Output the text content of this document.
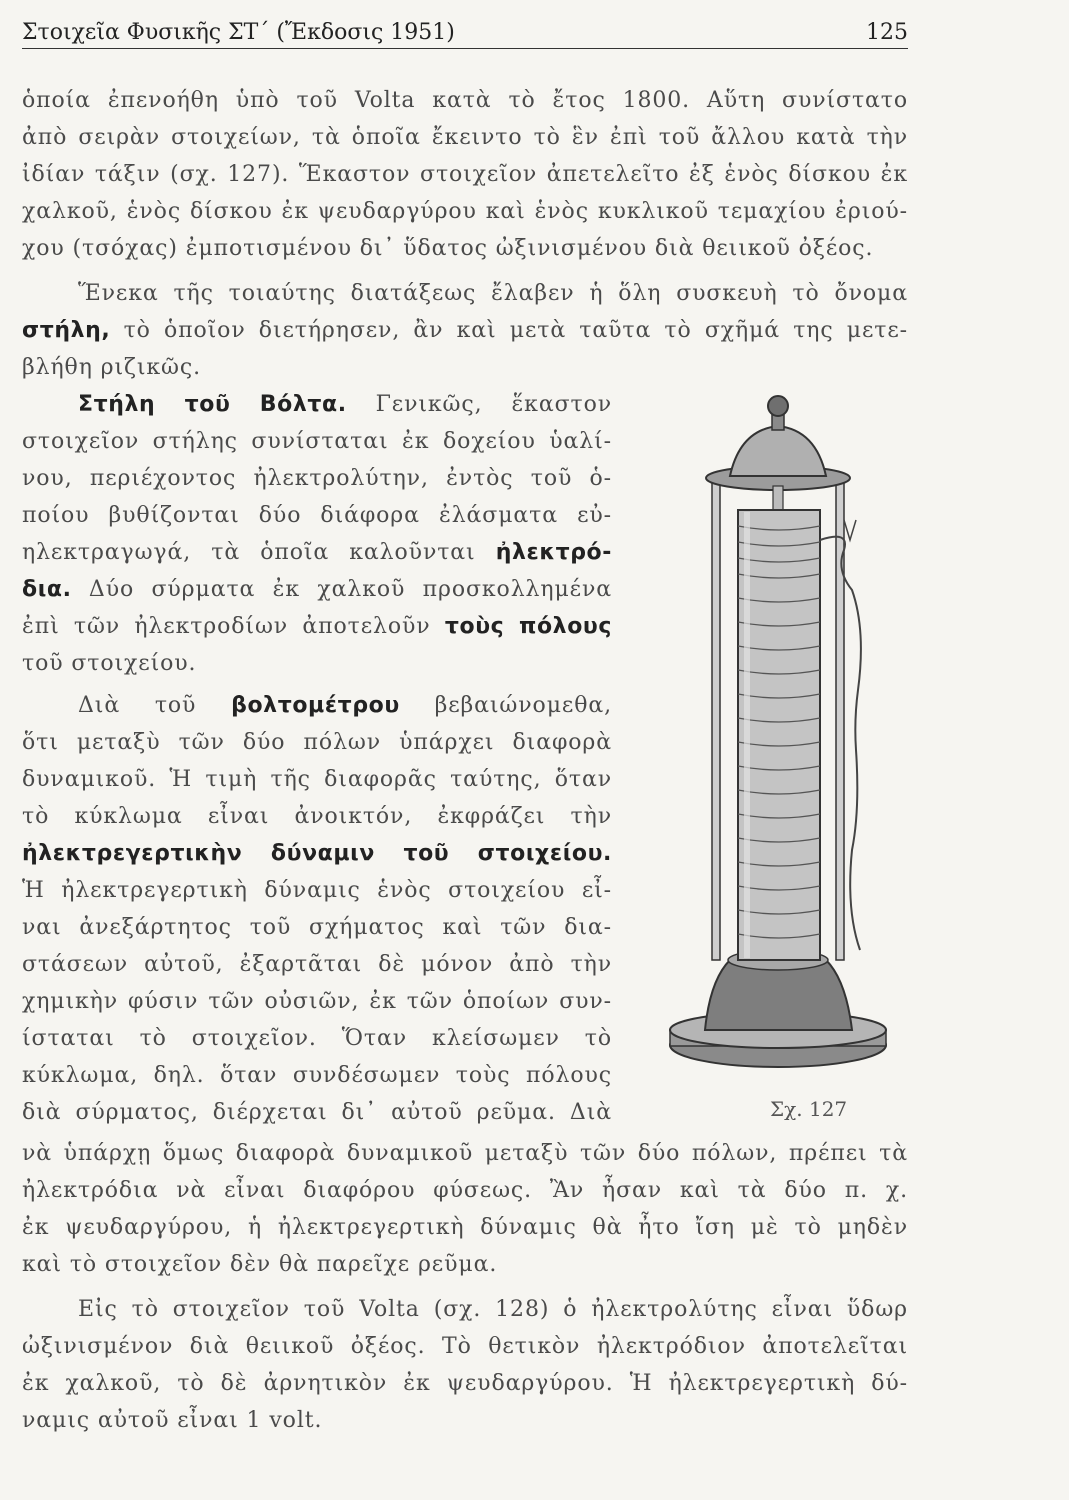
Στοιχεῖα Φυσικῆς ΣΤ΄ (Ἔκδοσις 1951)	125
ὁποία ἐπενοήθη ὑπὸ τοῦ Volta κατὰ τὸ ἔτος 1800. Αὕτη συνίστατο
ἀπὸ σειρὰν στοιχείων, τὰ ὁποῖα ἔκειντο τὸ ἓν ἐπὶ τοῦ ἄλλου κατὰ τὴν
ἰδίαν τάξιν (σχ. 127). Ἕκαστον στοιχεῖον ἀπετελεῖτο ἐξ ἑνὸς δίσκου ἐκ
χαλκοῦ, ἑνὸς δίσκου ἐκ ψευδαργύρου καὶ ἑνὸς κυκλικοῦ τεμαχίου ἐριού-
χου (τσόχας) ἐμποτισμένου δι᾿ ὕδατος ὠξινισμένου διὰ θειικοῦ ὀξέος.
Ἕνεκα τῆς τοιαύτης διατάξεως ἔλαβεν ἡ ὅλη συσκευὴ τὸ ὄνομα
στήλη, τὸ ὁποῖον διετήρησεν, ἂν καὶ μετὰ ταῦτα τὸ σχῆμά της μετε-
βλήθη ριζικῶς.
Στήλη τοῦ Βόλτα. Γενικῶς, ἕκαστον
στοιχεῖον στήλης συνίσταται ἐκ δοχείου ὑαλί-
νου, περιέχοντος ἠλεκτρολύτην, ἐντὸς τοῦ ὁ-
ποίου βυθίζονται δύο διάφορα ἐλάσματα εὐ-
ηλεκτραγωγά, τὰ ὁποῖα καλοῦνται ἠλεκτρό-
δια. Δύο σύρματα ἐκ χαλκοῦ προσκολλημένα
ἐπὶ τῶν ἠλεκτροδίων ἀποτελοῦν τοὺς πόλους
τοῦ στοιχείου.
Διὰ τοῦ βολτομέτρου βεβαιώνομεθα,
ὅτι μεταξὺ τῶν δύο πόλων ὑπάρχει διαφορὰ
δυναμικοῦ. Ἡ τιμὴ τῆς διαφορᾶς ταύτης, ὅταν
τὸ κύκλωμα εἶναι ἀνοικτόν, ἐκφράζει τὴν
ἠλεκτρεγερτικὴν δύναμιν τοῦ στοιχείου.
Ἡ ἠλεκτρεγερτικὴ δύναμις ἑνὸς στοιχείου εἶ-
ναι ἀνεξάρτητος τοῦ σχήματος καὶ τῶν δια-
στάσεων αὐτοῦ, ἐξαρτᾶται δὲ μόνον ἀπὸ τὴν
χημικὴν φύσιν τῶν οὐσιῶν, ἐκ τῶν ὁποίων συν-
ίσταται τὸ στοιχεῖον. Ὅταν κλείσωμεν τὸ
κύκλωμα, δηλ. ὅταν συνδέσωμεν τοὺς πόλους
διὰ σύρματος, διέρχεται δι᾿ αὐτοῦ ρεῦμα. Διὰ
νὰ ὑπάρχῃ ὅμως διαφορὰ δυναμικοῦ μεταξὺ τῶν δύο πόλων, πρέπει τὰ
ἠλεκτρόδια νὰ εἶναι διαφόρου φύσεως. Ἂν ἦσαν καὶ τὰ δύο π. χ.
ἐκ ψευδαργύρου, ἡ ἠλεκτρεγερτικὴ δύναμις θὰ ἦτο ἴση μὲ τὸ μηδὲν
καὶ τὸ στοιχεῖον δὲν θὰ παρεῖχε ρεῦμα.
Εἰς τὸ στοιχεῖον τοῦ Volta (σχ. 128) ὁ ἠλεκτρολύτης εἶναι ὕδωρ
ὠξινισμένον διὰ θειικοῦ ὀξέος. Τὸ θετικὸν ἠλεκτρόδιον ἀποτελεῖται
ἐκ χαλκοῦ, τὸ δὲ ἀρνητικὸν ἐκ ψευδαργύρου. Ἡ ἠλεκτρεγερτικὴ δύ-
ναμις αὐτοῦ εἶναι 1 volt.
Σχ. 127
